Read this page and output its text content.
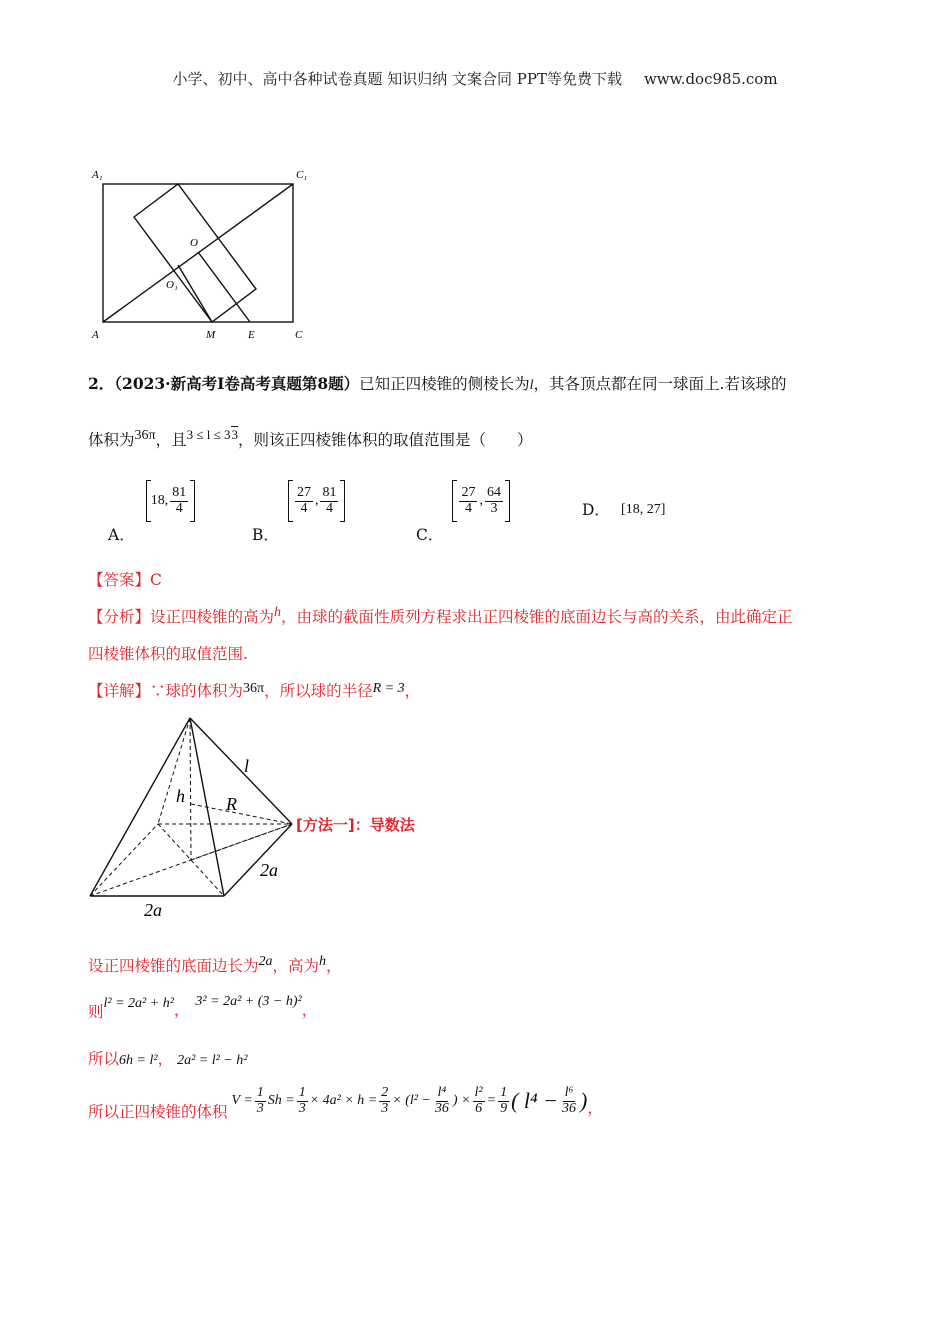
小学、初中、高中各种试卷真题 知识归纳 文案合同 PPT等免费下载 www.doc985.com
A₁	C₁
O
O₁
A	M	E	C
2．（2023·新高考Ⅰ卷高考真题第8题）已知正四棱锥的侧棱长为l，其各顶点都在同一球面上.若该球的
体积为36π，且$^{3 \le l \le 33}$，则该正四棱锥体积的取值范围是（　　）
A．
18, $\frac{81}{4}$
B．
$\frac{27}{4}$ , $\frac{81}{4}$
C．
$\frac{27}{4}$ , $\frac{64}{3}$	D． [18, 27]
【答案】C
【分析】设正四棱锥的高为h，由球的截面性质列方程求出正四棱锥的底面边长与高的关系，由此确定正
四棱锥体积的取值范围.
【详解】∵球的体积为36π，所以球的半径R = 3，
l
h R
2a
2a
[方法一]：导数法
设正四棱锥的底面边长为2a，高为h，
则l² = 2a² + h²， 3² = 2a² + (3 − h)²，
所以6h = l²， 2a² = l² − h²
所以正四棱锥的体积
$V = \frac{1}{3}$ $Sh = \frac{1}{3} \times 4a^2 \times h = \frac{2}{3} \times (l^2 - \frac{\text{l⁴}}{36}$ ) × $\frac{\text{l²}}{6} = \frac{1}{9}$ ( $l^4 - \frac{\text{l⁶}}{36}$ ) ，
